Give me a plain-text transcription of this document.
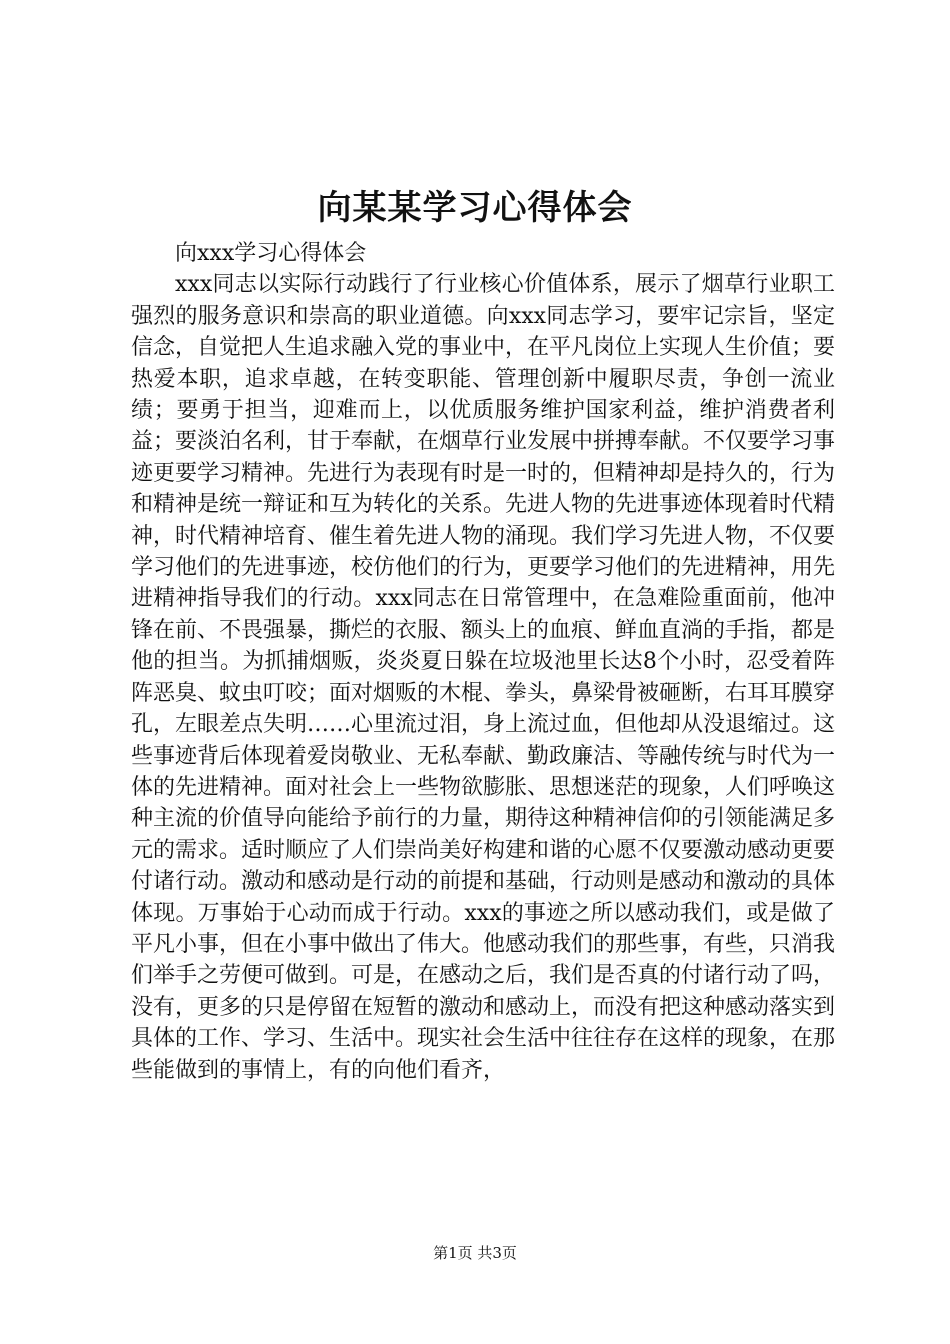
向某某学习心得体会

向xxx学习心得体会

xxx同志以实际行动践行了行业核心价值体系，展示了烟草行业职工强烈的服务意识和崇高的职业道德。向xxx同志学习，要牢记宗旨，坚定信念，自觉把人生追求融入党的事业中，在平凡岗位上实现人生价值；要热爱本职，追求卓越，在转变职能、管理创新中履职尽责，争创一流业绩；要勇于担当，迎难而上，以优质服务维护国家利益，维护消费者利益；要淡泊名利，甘于奉献，在烟草行业发展中拼搏奉献。不仅要学习事迹更要学习精神。先进行为表现有时是一时的，但精神却是持久的，行为和精神是统一辩证和互为转化的关系。先进人物的先进事迹体现着时代精神，时代精神培育、催生着先进人物的涌现。我们学习先进人物，不仅要学习他们的先进事迹，校仿他们的行为，更要学习他们的先进精神，用先进精神指导我们的行动。xxx同志在日常管理中，在急难险重面前，他冲锋在前、不畏强暴，撕烂的衣服、额头上的血痕、鲜血直淌的手指，都是他的担当。为抓捕烟贩，炎炎夏日躲在垃圾池里长达8个小时，忍受着阵阵恶臭、蚊虫叮咬；面对烟贩的木棍、拳头，鼻梁骨被砸断，右耳耳膜穿孔，左眼差点失明……心里流过泪，身上流过血，但他却从没退缩过。这些事迹背后体现着爱岗敬业、无私奉献、勤政廉洁、等融传统与时代为一体的先进精神。面对社会上一些物欲膨胀、思想迷茫的现象，人们呼唤这种主流的价值导向能给予前行的力量，期待这种精神信仰的引领能满足多元的需求。适时顺应了人们崇尚美好构建和谐的心愿不仅要激动感动更要付诸行动。激动和感动是行动的前提和基础，行动则是感动和激动的具体体现。万事始于心动而成于行动。xxx的事迹之所以感动我们，或是做了平凡小事，但在小事中做出了伟大。他感动我们的那些事，有些，只消我们举手之劳便可做到。可是，在感动之后，我们是否真的付诸行动了吗，没有，更多的只是停留在短暂的激动和感动上，而没有把这种感动落实到具体的工作、学习、生活中。现实社会生活中往往存在这样的现象，在那些能做到的事情上，有的向他们看齐，

第1页 共3页
